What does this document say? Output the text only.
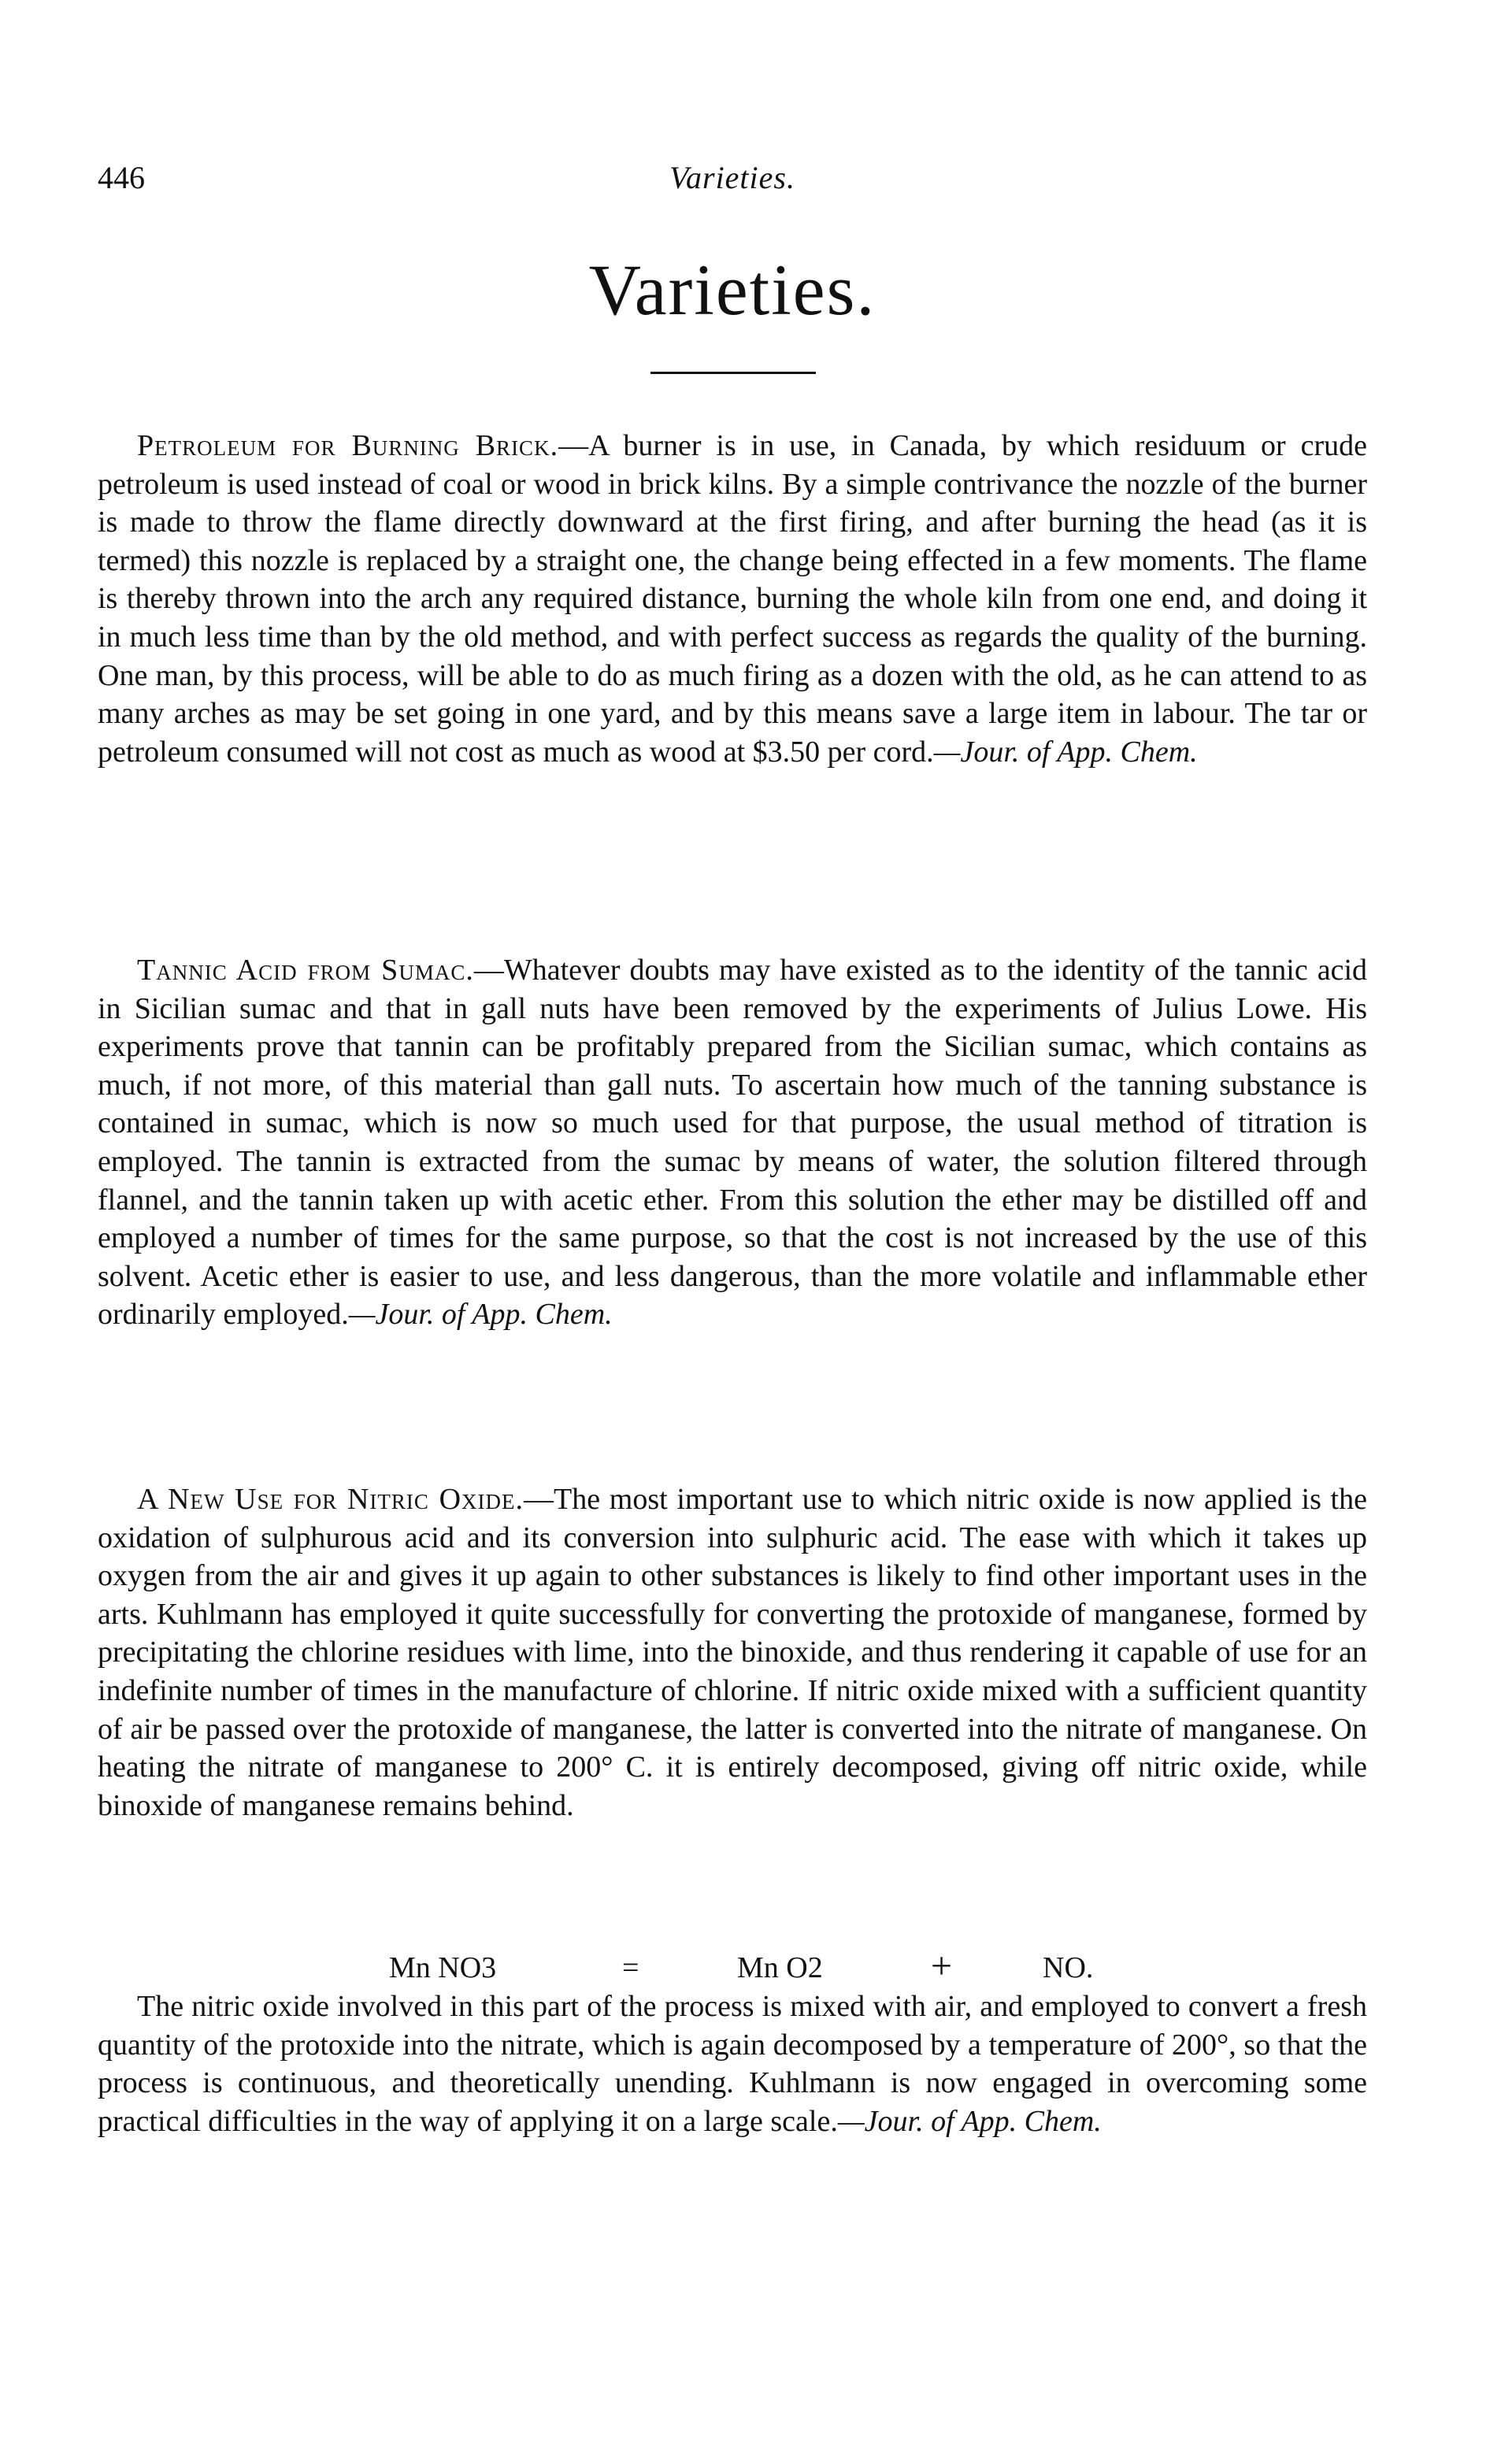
446	Varieties.
Varieties.

Petroleum for Burning Brick.—A burner is in use, in Canada, by which residuum or crude petroleum is used instead of coal or wood in brick kilns. By a simple contrivance the nozzle of the burner is made to throw the flame directly downward at the first firing, and after burning the head (as it is termed) this nozzle is replaced by a straight one, the change being effected in a few moments. The flame is thereby thrown into the arch any required distance, burning the whole kiln from one end, and doing it in much less time than by the old method, and with perfect success as regards the quality of the burning. One man, by this process, will be able to do as much firing as a dozen with the old, as he can attend to as many arches as may be set going in one yard, and by this means save a large item in labour. The tar or petroleum consumed will not cost as much as wood at $3.50 per cord.—Jour. of App. Chem.

Tannic Acid from Sumac.—Whatever doubts may have existed as to the identity of the tannic acid in Sicilian sumac and that in gall nuts have been removed by the experiments of Julius Lowe. His experiments prove that tannin can be profitably prepared from the Sicilian sumac, which contains as much, if not more, of this material than gall nuts. To ascertain how much of the tanning substance is contained in sumac, which is now so much used for that purpose, the usual method of titration is employed. The tannin is extracted from the sumac by means of water, the solution filtered through flannel, and the tannin taken up with acetic ether. From this solution the ether may be distilled off and employed a number of times for the same purpose, so that the cost is not increased by the use of this solvent. Acetic ether is easier to use, and less dangerous, than the more volatile and inflammable ether ordinarily employed.—Jour. of App. Chem.

A New Use for Nitric Oxide.—The most important use to which nitric oxide is now applied is the oxidation of sulphurous acid and its conversion into sulphuric acid. The ease with which it takes up oxygen from the air and gives it up again to other substances is likely to find other important uses in the arts. Kuhlmann has employed it quite successfully for converting the protoxide of manganese, formed by precipitating the chlorine residues with lime, into the binoxide, and thus rendering it capable of use for an indefinite number of times in the manufacture of chlorine. If nitric oxide mixed with a sufficient quantity of air be passed over the protoxide of manganese, the latter is converted into the nitrate of manganese. On heating the nitrate of manganese to 200° C. it is entirely decomposed, giving off nitric oxide, while binoxide of manganese remains behind.

Mn NO3	=	Mn O2	+	NO.

The nitric oxide involved in this part of the process is mixed with air, and employed to convert a fresh quantity of the protoxide into the nitrate, which is again decomposed by a temperature of 200°, so that the process is continuous, and theoretically unending. Kuhlmann is now engaged in overcoming some practical difficulties in the way of applying it on a large scale.—Jour. of App. Chem.
